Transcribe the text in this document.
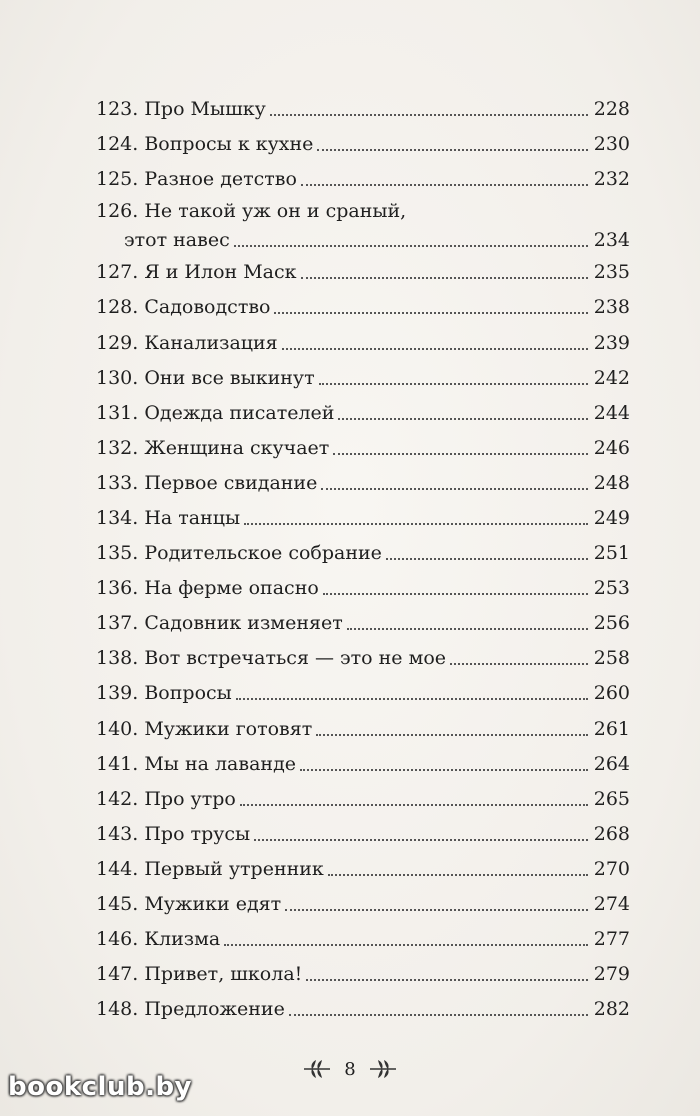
123. Про Мышку	228
124. Вопросы к кухне	230
125. Разное детство	232
126. Не такой уж он и сраный,
этот навес	234
127. Я и Илон Маск	235
128. Садоводство	238
129. Канализация	239
130. Они все выкинут	242
131. Одежда писателей	244
132. Женщина скучает	246
133. Первое свидание	248
134. На танцы	249
135. Родительское собрание	251
136. На ферме опасно	253
137. Садовник изменяет	256
138. Вот встречаться — это не мое	258
139. Вопросы	260
140. Мужики готовят	261
141. Мы на лаванде	264
142. Про утро	265
143. Про трусы	268
144. Первый утренник	270
145. Мужики едят	274
146. Клизма	277
147. Привет, школа!	279
148. Предложение	282
8
bookclub.by
